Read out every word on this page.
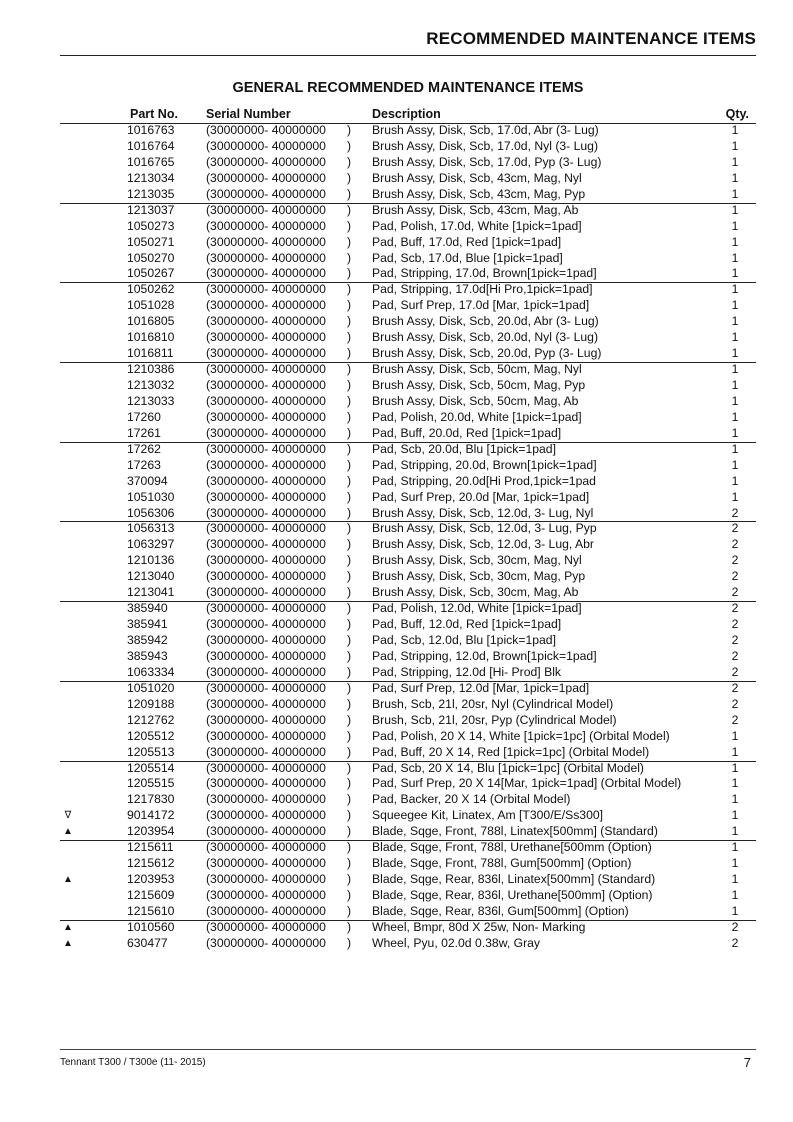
RECOMMENDED MAINTENANCE ITEMS
GENERAL RECOMMENDED MAINTENANCE ITEMS
Part No. Serial Number	Description	Qty.
1016763	(30000000- 40000000 ) Brush Assy, Disk, Scb, 17.0d, Abr (3- Lug)	1
1016764	(30000000- 40000000 ) Brush Assy, Disk, Scb, 17.0d, Nyl (3- Lug)	1
1016765	(30000000- 40000000 ) Brush Assy, Disk, Scb, 17.0d, Pyp (3- Lug)	1
1213034	(30000000- 40000000 ) Brush Assy, Disk, Scb, 43cm, Mag, Nyl	1
1213035	(30000000- 40000000 ) Brush Assy, Disk, Scb, 43cm, Mag, Pyp	1
1213037	(30000000- 40000000 ) Brush Assy, Disk, Scb, 43cm, Mag, Ab	1
1050273	(30000000- 40000000 ) Pad, Polish, 17.0d, White [1pick=1pad]	1
1050271	(30000000- 40000000 ) Pad, Buff, 17.0d, Red [1pick=1pad]	1
1050270	(30000000- 40000000 ) Pad, Scb, 17.0d, Blue [1pick=1pad]	1
1050267	(30000000- 40000000 ) Pad, Stripping, 17.0d, Brown[1pick=1pad]	1
1050262	(30000000- 40000000 ) Pad, Stripping, 17.0d[Hi Pro,1pick=1pad]	1
1051028	(30000000- 40000000 ) Pad, Surf Prep, 17.0d [Mar, 1pick=1pad]	1
1016805	(30000000- 40000000 ) Brush Assy, Disk, Scb, 20.0d, Abr (3- Lug)	1
1016810	(30000000- 40000000 ) Brush Assy, Disk, Scb, 20.0d, Nyl (3- Lug)	1
1016811	(30000000- 40000000 ) Brush Assy, Disk, Scb, 20.0d, Pyp (3- Lug)	1
1210386	(30000000- 40000000 ) Brush Assy, Disk, Scb, 50cm, Mag, Nyl	1
1213032	(30000000- 40000000 ) Brush Assy, Disk, Scb, 50cm, Mag, Pyp	1
1213033	(30000000- 40000000 ) Brush Assy, Disk, Scb, 50cm, Mag, Ab	1
17260	(30000000- 40000000 ) Pad, Polish, 20.0d, White [1pick=1pad]	1
17261	(30000000- 40000000 ) Pad, Buff, 20.0d, Red [1pick=1pad]	1
17262	(30000000- 40000000 ) Pad, Scb, 20.0d, Blu [1pick=1pad]	1
17263	(30000000- 40000000 ) Pad, Stripping, 20.0d, Brown[1pick=1pad]	1
370094	(30000000- 40000000 ) Pad, Stripping, 20.0d[Hi Prod,1pick=1pad	1
1051030	(30000000- 40000000 ) Pad, Surf Prep, 20.0d [Mar, 1pick=1pad]	1
1056306	(30000000- 40000000 ) Brush Assy, Disk, Scb, 12.0d, 3- Lug, Nyl	2
1056313	(30000000- 40000000 ) Brush Assy, Disk, Scb, 12.0d, 3- Lug, Pyp	2
1063297	(30000000- 40000000 ) Brush Assy, Disk, Scb, 12.0d, 3- Lug, Abr	2
1210136	(30000000- 40000000 ) Brush Assy, Disk, Scb, 30cm, Mag, Nyl	2
1213040	(30000000- 40000000 ) Brush Assy, Disk, Scb, 30cm, Mag, Pyp	2
1213041	(30000000- 40000000 ) Brush Assy, Disk, Scb, 30cm, Mag, Ab	2
385940	(30000000- 40000000 ) Pad, Polish, 12.0d, White [1pick=1pad]	2
385941	(30000000- 40000000 ) Pad, Buff, 12.0d, Red [1pick=1pad]	2
385942	(30000000- 40000000 ) Pad, Scb, 12.0d, Blu [1pick=1pad]	2
385943	(30000000- 40000000 ) Pad, Stripping, 12.0d, Brown[1pick=1pad]	2
1063334	(30000000- 40000000 ) Pad, Stripping, 12.0d [Hi- Prod] Blk	2
1051020	(30000000- 40000000 ) Pad, Surf Prep, 12.0d [Mar, 1pick=1pad]	2
1209188	(30000000- 40000000 ) Brush, Scb, 21l, 20sr, Nyl (Cylindrical Model)	2
1212762	(30000000- 40000000 ) Brush, Scb, 21l, 20sr, Pyp (Cylindrical Model)	2
1205512	(30000000- 40000000 ) Pad, Polish, 20 X 14, White [1pick=1pc] (Orbital Model)	1
1205513	(30000000- 40000000 ) Pad, Buff, 20 X 14, Red [1pick=1pc] (Orbital Model)	1
1205514	(30000000- 40000000 ) Pad, Scb, 20 X 14, Blu [1pick=1pc] (Orbital Model)	1
1205515	(30000000- 40000000 ) Pad, Surf Prep, 20 X 14[Mar, 1pick=1pad] (Orbital Model)	1
1217830	(30000000- 40000000 ) Pad, Backer, 20 X 14 (Orbital Model)	1
∇	9014172	(30000000- 40000000 ) Squeegee Kit, Linatex, Am [T300/E/Ss300]	1
▲	1203954	(30000000- 40000000 ) Blade, Sqge, Front, 788l, Linatex[500mm] (Standard)	1
1215611	(30000000- 40000000 ) Blade, Sqge, Front, 788l, Urethane[500mm (Option)	1
1215612	(30000000- 40000000 ) Blade, Sqge, Front, 788l, Gum[500mm] (Option)	1
▲	1203953	(30000000- 40000000 ) Blade, Sqge, Rear, 836l, Linatex[500mm] (Standard)	1
1215609	(30000000- 40000000 ) Blade, Sqge, Rear, 836l, Urethane[500mm] (Option)	1
1215610	(30000000- 40000000 ) Blade, Sqge, Rear, 836l, Gum[500mm] (Option)	1
▲	1010560	(30000000- 40000000 ) Wheel, Bmpr, 80d X 25w, Non- Marking	2
▲	630477	(30000000- 40000000 ) Wheel, Pyu, 02.0d 0.38w, Gray	2
Tennant T300 / T300e (11- 2015)	7
